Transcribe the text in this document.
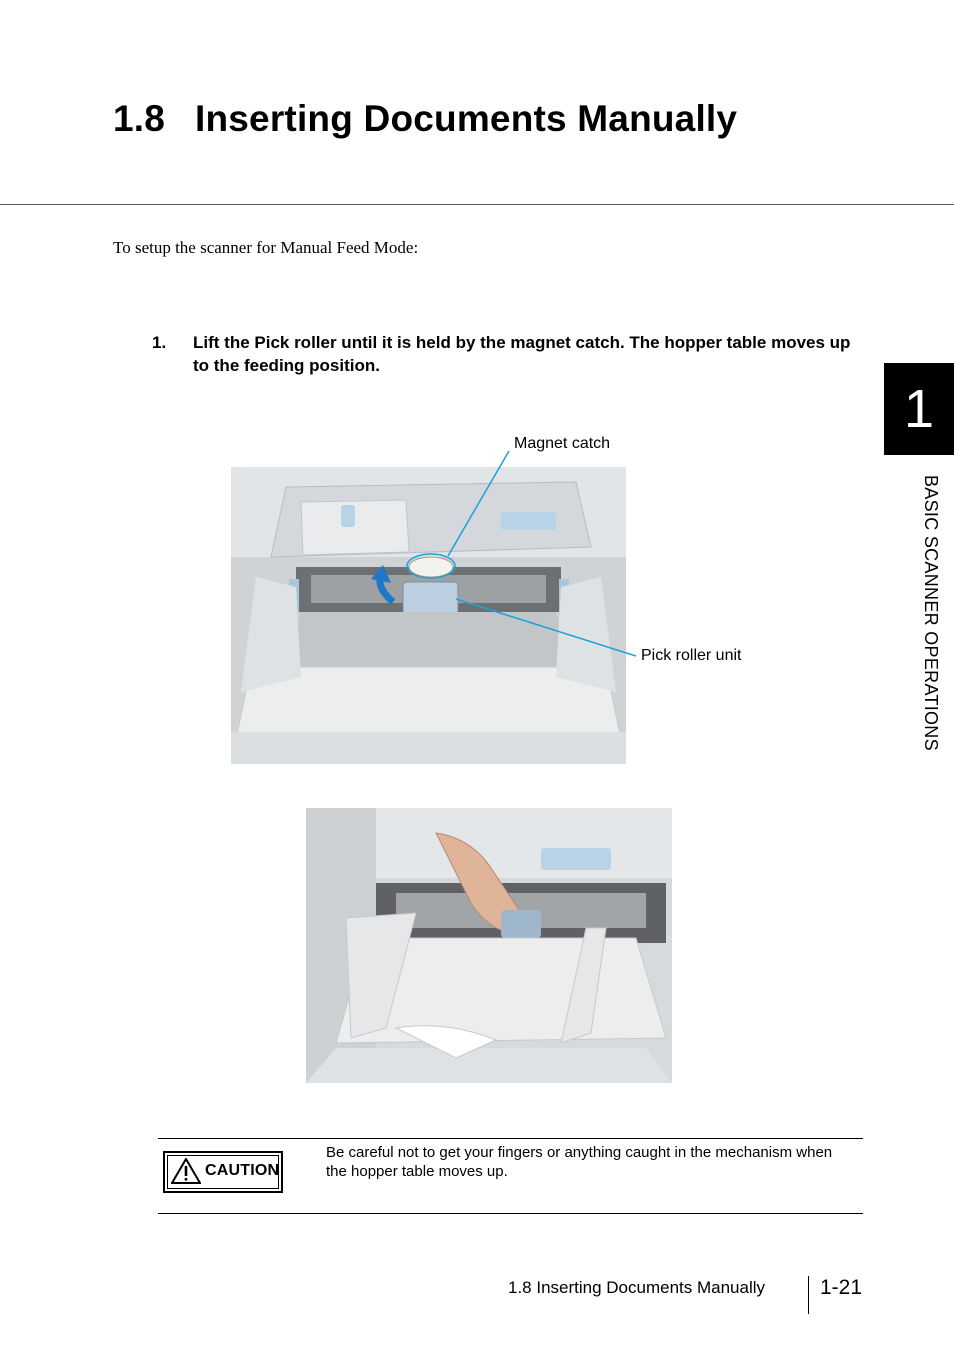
1.8 Inserting Documents Manually
To setup the scanner for Manual Feed Mode:
1. Lift the Pick roller until it is held by the magnet catch. The hopper table moves up to the feeding position.
1
BASIC SCANNER OPERATIONS
Magnet catch
Pick roller unit
CAUTION
Be careful not to get your fingers or anything caught in the mechanism when the hopper table moves up.
1.8 Inserting Documents Manually	1-21
